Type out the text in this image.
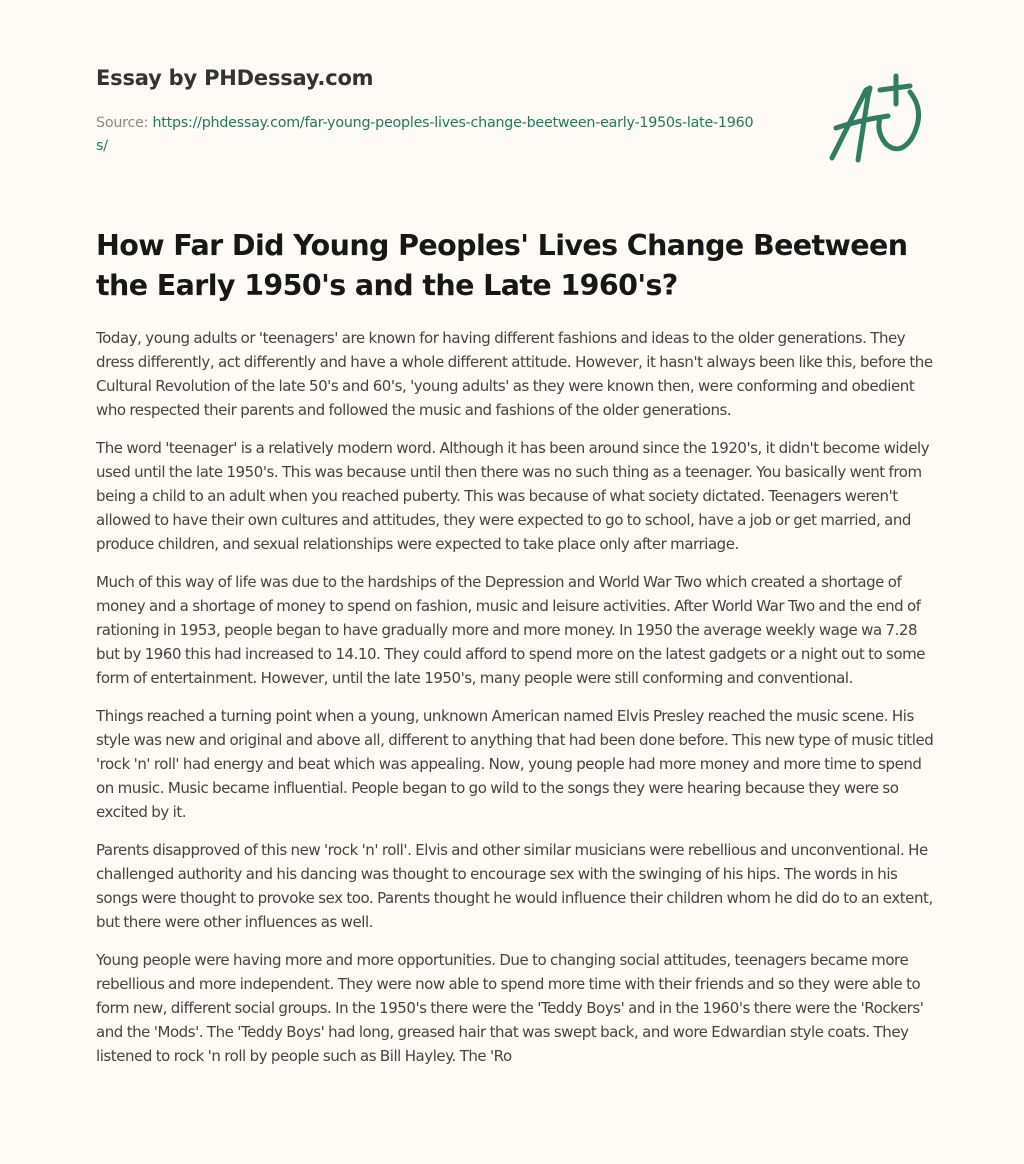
Essay by PHDessay.com
Source: https://phdessay.com/far-young-peoples-lives-change-beetween-early-1950s-late-1960s/
How Far Did Young Peoples' Lives Change Beetween the Early 1950's and the Late 1960's?

Today, young adults or 'teenagers' are known for having different fashions and ideas to the older generations. They dress differently, act differently and have a whole different attitude. However, it hasn't always been like this, before the Cultural Revolution of the late 50's and 60's, 'young adults' as they were known then, were conforming and obedient who respected their parents and followed the music and fashions of the older generations.

The word 'teenager' is a relatively modern word. Although it has been around since the 1920's, it didn't become widely used until the late 1950's. This was because until then there was no such thing as a teenager. You basically went from being a child to an adult when you reached puberty. This was because of what society dictated. Teenagers weren't allowed to have their own cultures and attitudes, they were expected to go to school, have a job or get married, and produce children, and sexual relationships were expected to take place only after marriage.

Much of this way of life was due to the hardships of the Depression and World War Two which created a shortage of money and a shortage of money to spend on fashion, music and leisure activities. After World War Two and the end of rationing in 1953, people began to have gradually more and more money. In 1950 the average weekly wage wa 7.28 but by 1960 this had increased to 14.10. They could afford to spend more on the latest gadgets or a night out to some form of entertainment. However, until the late 1950's, many people were still conforming and conventional.

Things reached a turning point when a young, unknown American named Elvis Presley reached the music scene. His style was new and original and above all, different to anything that had been done before. This new type of music titled 'rock 'n' roll' had energy and beat which was appealing. Now, young people had more money and more time to spend on music. Music became influential. People began to go wild to the songs they were hearing because they were so excited by it.

Parents disapproved of this new 'rock 'n' roll'. Elvis and other similar musicians were rebellious and unconventional. He challenged authority and his dancing was thought to encourage sex with the swinging of his hips. The words in his songs were thought to provoke sex too. Parents thought he would influence their children whom he did do to an extent, but there were other influences as well.

Young people were having more and more opportunities. Due to changing social attitudes, teenagers became more rebellious and more independent. They were now able to spend more time with their friends and so they were able to form new, different social groups. In the 1950's there were the 'Teddy Boys' and in the 1960's there were the 'Rockers' and the 'Mods'. The 'Teddy Boys' had long, greased hair that was swept back, and wore Edwardian style coats. They listened to rock 'n roll by people such as Bill Hayley. The 'Ro
